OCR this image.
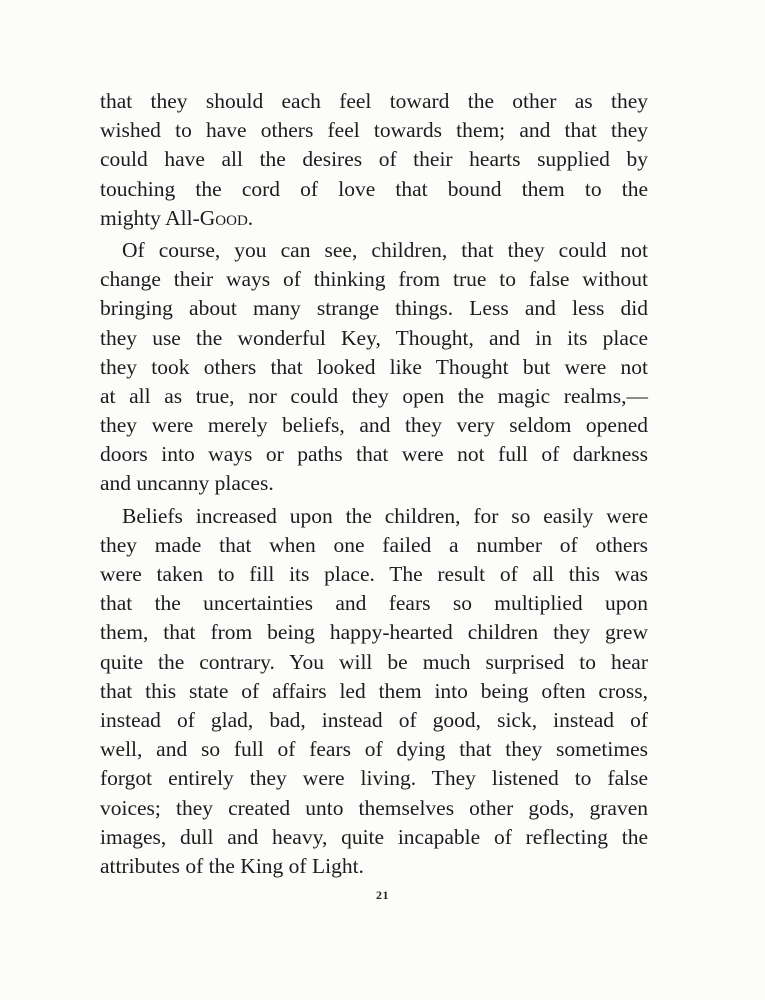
that they should each feel toward the other as they
wished to have others feel towards them; and that they
could have all the desires of their hearts supplied by
touching the cord of love that bound them to the
mighty All-Good.

Of course, you can see, children, that they could not
change their ways of thinking from true to false without
bringing about many strange things. Less and less did
they use the wonderful Key, Thought, and in its place
they took others that looked like Thought but were not
at all as true, nor could they open the magic realms,—
they were merely beliefs, and they very seldom opened
doors into ways or paths that were not full of darkness
and uncanny places.

Beliefs increased upon the children, for so easily were
they made that when one failed a number of others
were taken to fill its place. The result of all this was
that the uncertainties and fears so multiplied upon
them, that from being happy-hearted children they grew
quite the contrary. You will be much surprised to hear
that this state of affairs led them into being often cross,
instead of glad, bad, instead of good, sick, instead of
well, and so full of fears of dying that they sometimes
forgot entirely they were living. They listened to false
voices; they created unto themselves other gods, graven
images, dull and heavy, quite incapable of reflecting the
attributes of the King of Light.

21
